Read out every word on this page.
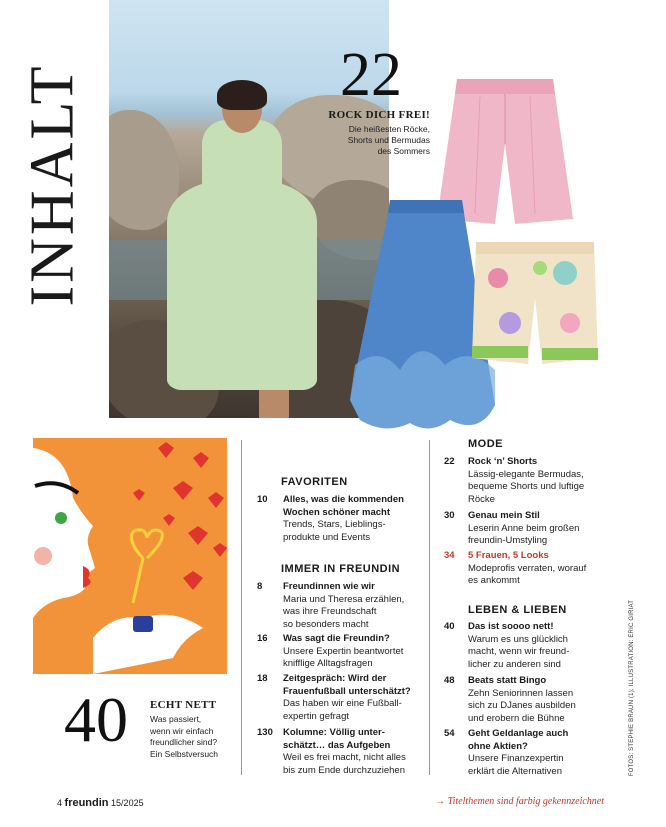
INHALT	22
ROCK DICH FREI!
Die heißesten Röcke,
Shorts und Bermudas
des Sommers
40 ECHT NETT
Was passiert,
wenn wir einfach
freundlicher sind?
Ein Selbstversuch
FAVORITEN
10 Alles, was die kommenden
Wochen schöner macht
Trends, Stars, Lieblings-
produkte und Events
IMMER IN FREUNDIN
8 Freundinnen wie wir
Maria und Theresa erzählen,
was ihre Freundschaft
so besonders macht
16 Was sagt die Freundin?
Unsere Expertin beantwortet
knifflige Alltagsfragen
18 Zeitgespräch: Wird der
Frauenfußball unterschätzt?
Das haben wir eine Fußball-
expertin gefragt
130 Kolumne: Völlig unter-
schätzt… das Aufgeben
Weil es frei macht, nicht alles
bis zum Ende durchzuziehen
MODE
22 Rock ‘n’ Shorts
Lässig-elegante Bermudas,
bequeme Shorts und luftige
Röcke
30 Genau mein Stil
Leserin Anne beim großen
freundin-Umstyling
34 5 Frauen, 5 Looks
Modeprofis verraten, worauf
es ankommt
LEBEN & LIEBEN
40 Das ist soooo nett!
Warum es uns glücklich
macht, wenn wir freund-
licher zu anderen sind
48 Beats statt Bingo
Zehn Seniorinnen lassen
sich zu DJanes ausbilden
und erobern die Bühne
54 Geht Geldanlage auch
ohne Aktien?
Unsere Finanzexpertin
erklärt die Alternativen	FOTOS: STEPHIE BRAUN (1); ILLUSTRATION: ERIC GIRIAT
4 freundin 15/2025	→ Titelthemen sind farbig gekennzeichnet
